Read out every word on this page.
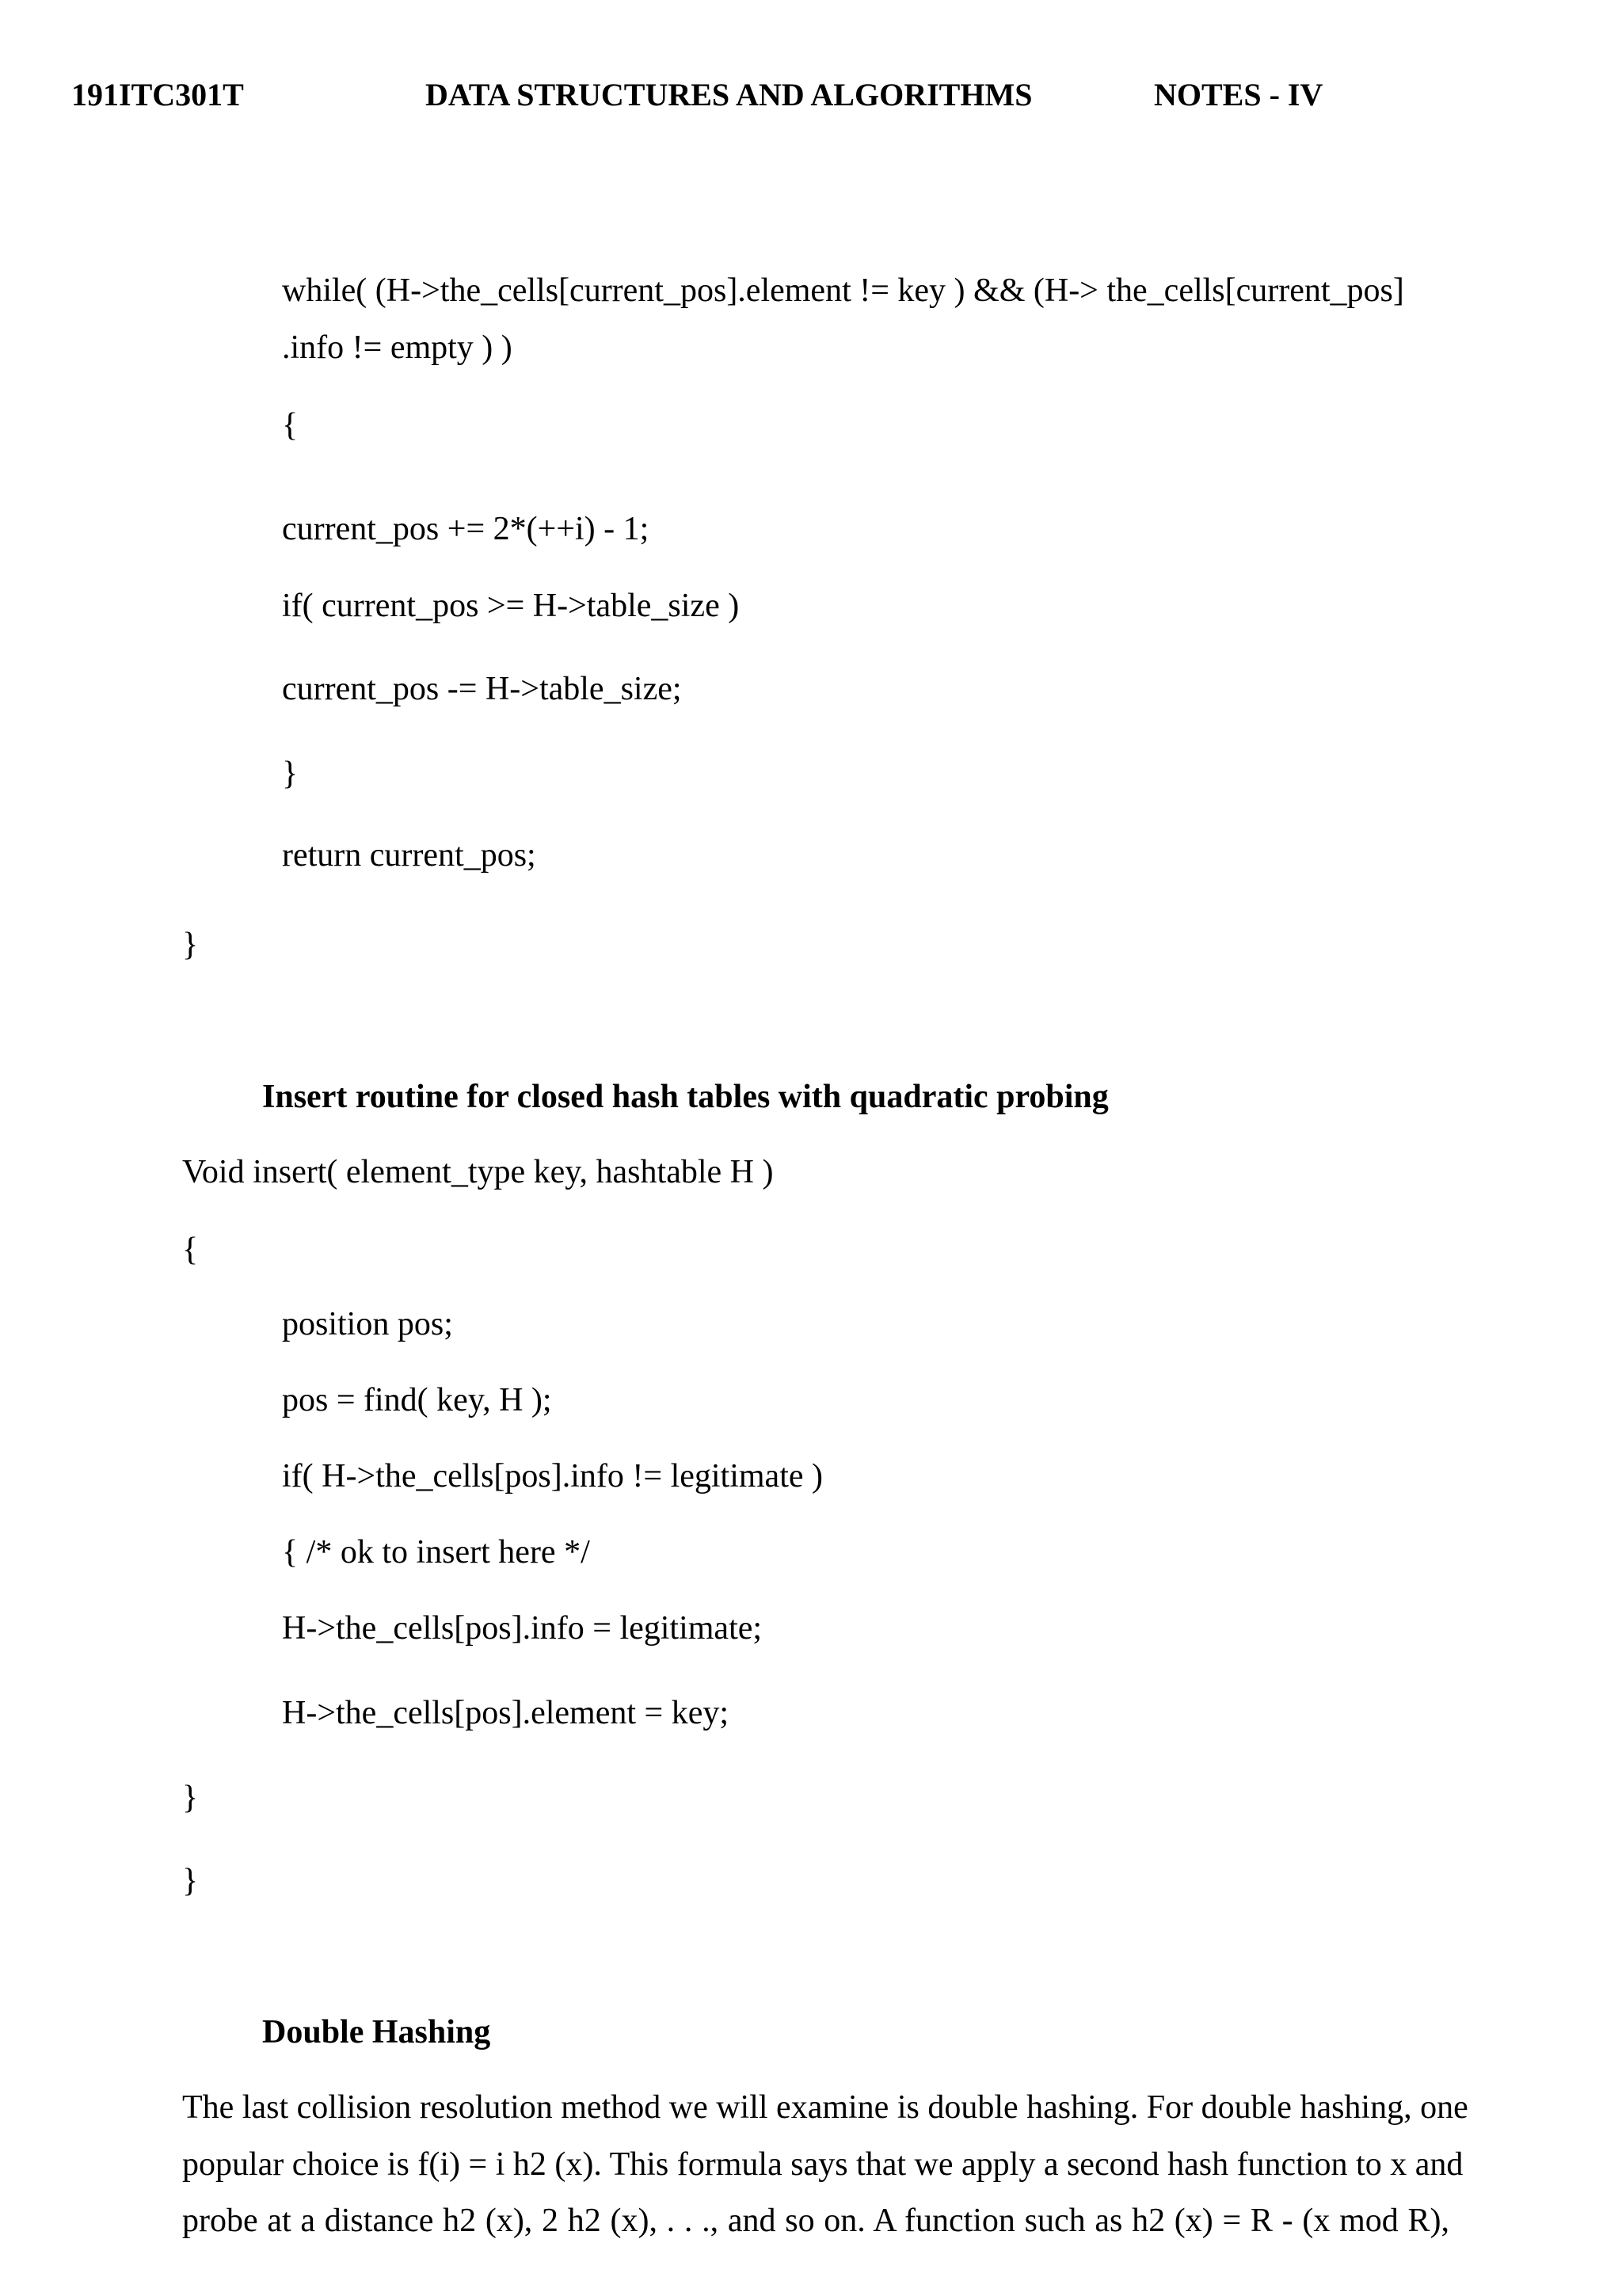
191ITC301T	DATA STRUCTURES AND ALGORITHMS	NOTES - IV
while( (H->the_cells[current_pos].element != key ) && (H-> the_cells[current_pos]
.info != empty ) )
{
current_pos += 2*(++i) - 1;
if( current_pos >= H->table_size )
current_pos -= H->table_size;
}
return current_pos;
}
Insert routine for closed hash tables with quadratic probing
Void insert( element_type key, hashtable H )
{
position pos;
pos = find( key, H );
if( H->the_cells[pos].info != legitimate )
{ /* ok to insert here */
H->the_cells[pos].info = legitimate;
H->the_cells[pos].element = key;
}
}
Double Hashing
The last collision resolution method we will examine is double hashing. For double hashing, one
popular choice is f(i) = i h2 (x). This formula says that we apply a second hash function to x and
probe at a distance h2 (x), 2 h2 (x), . . ., and so on. A function such as h2 (x) = R - (x mod R),
